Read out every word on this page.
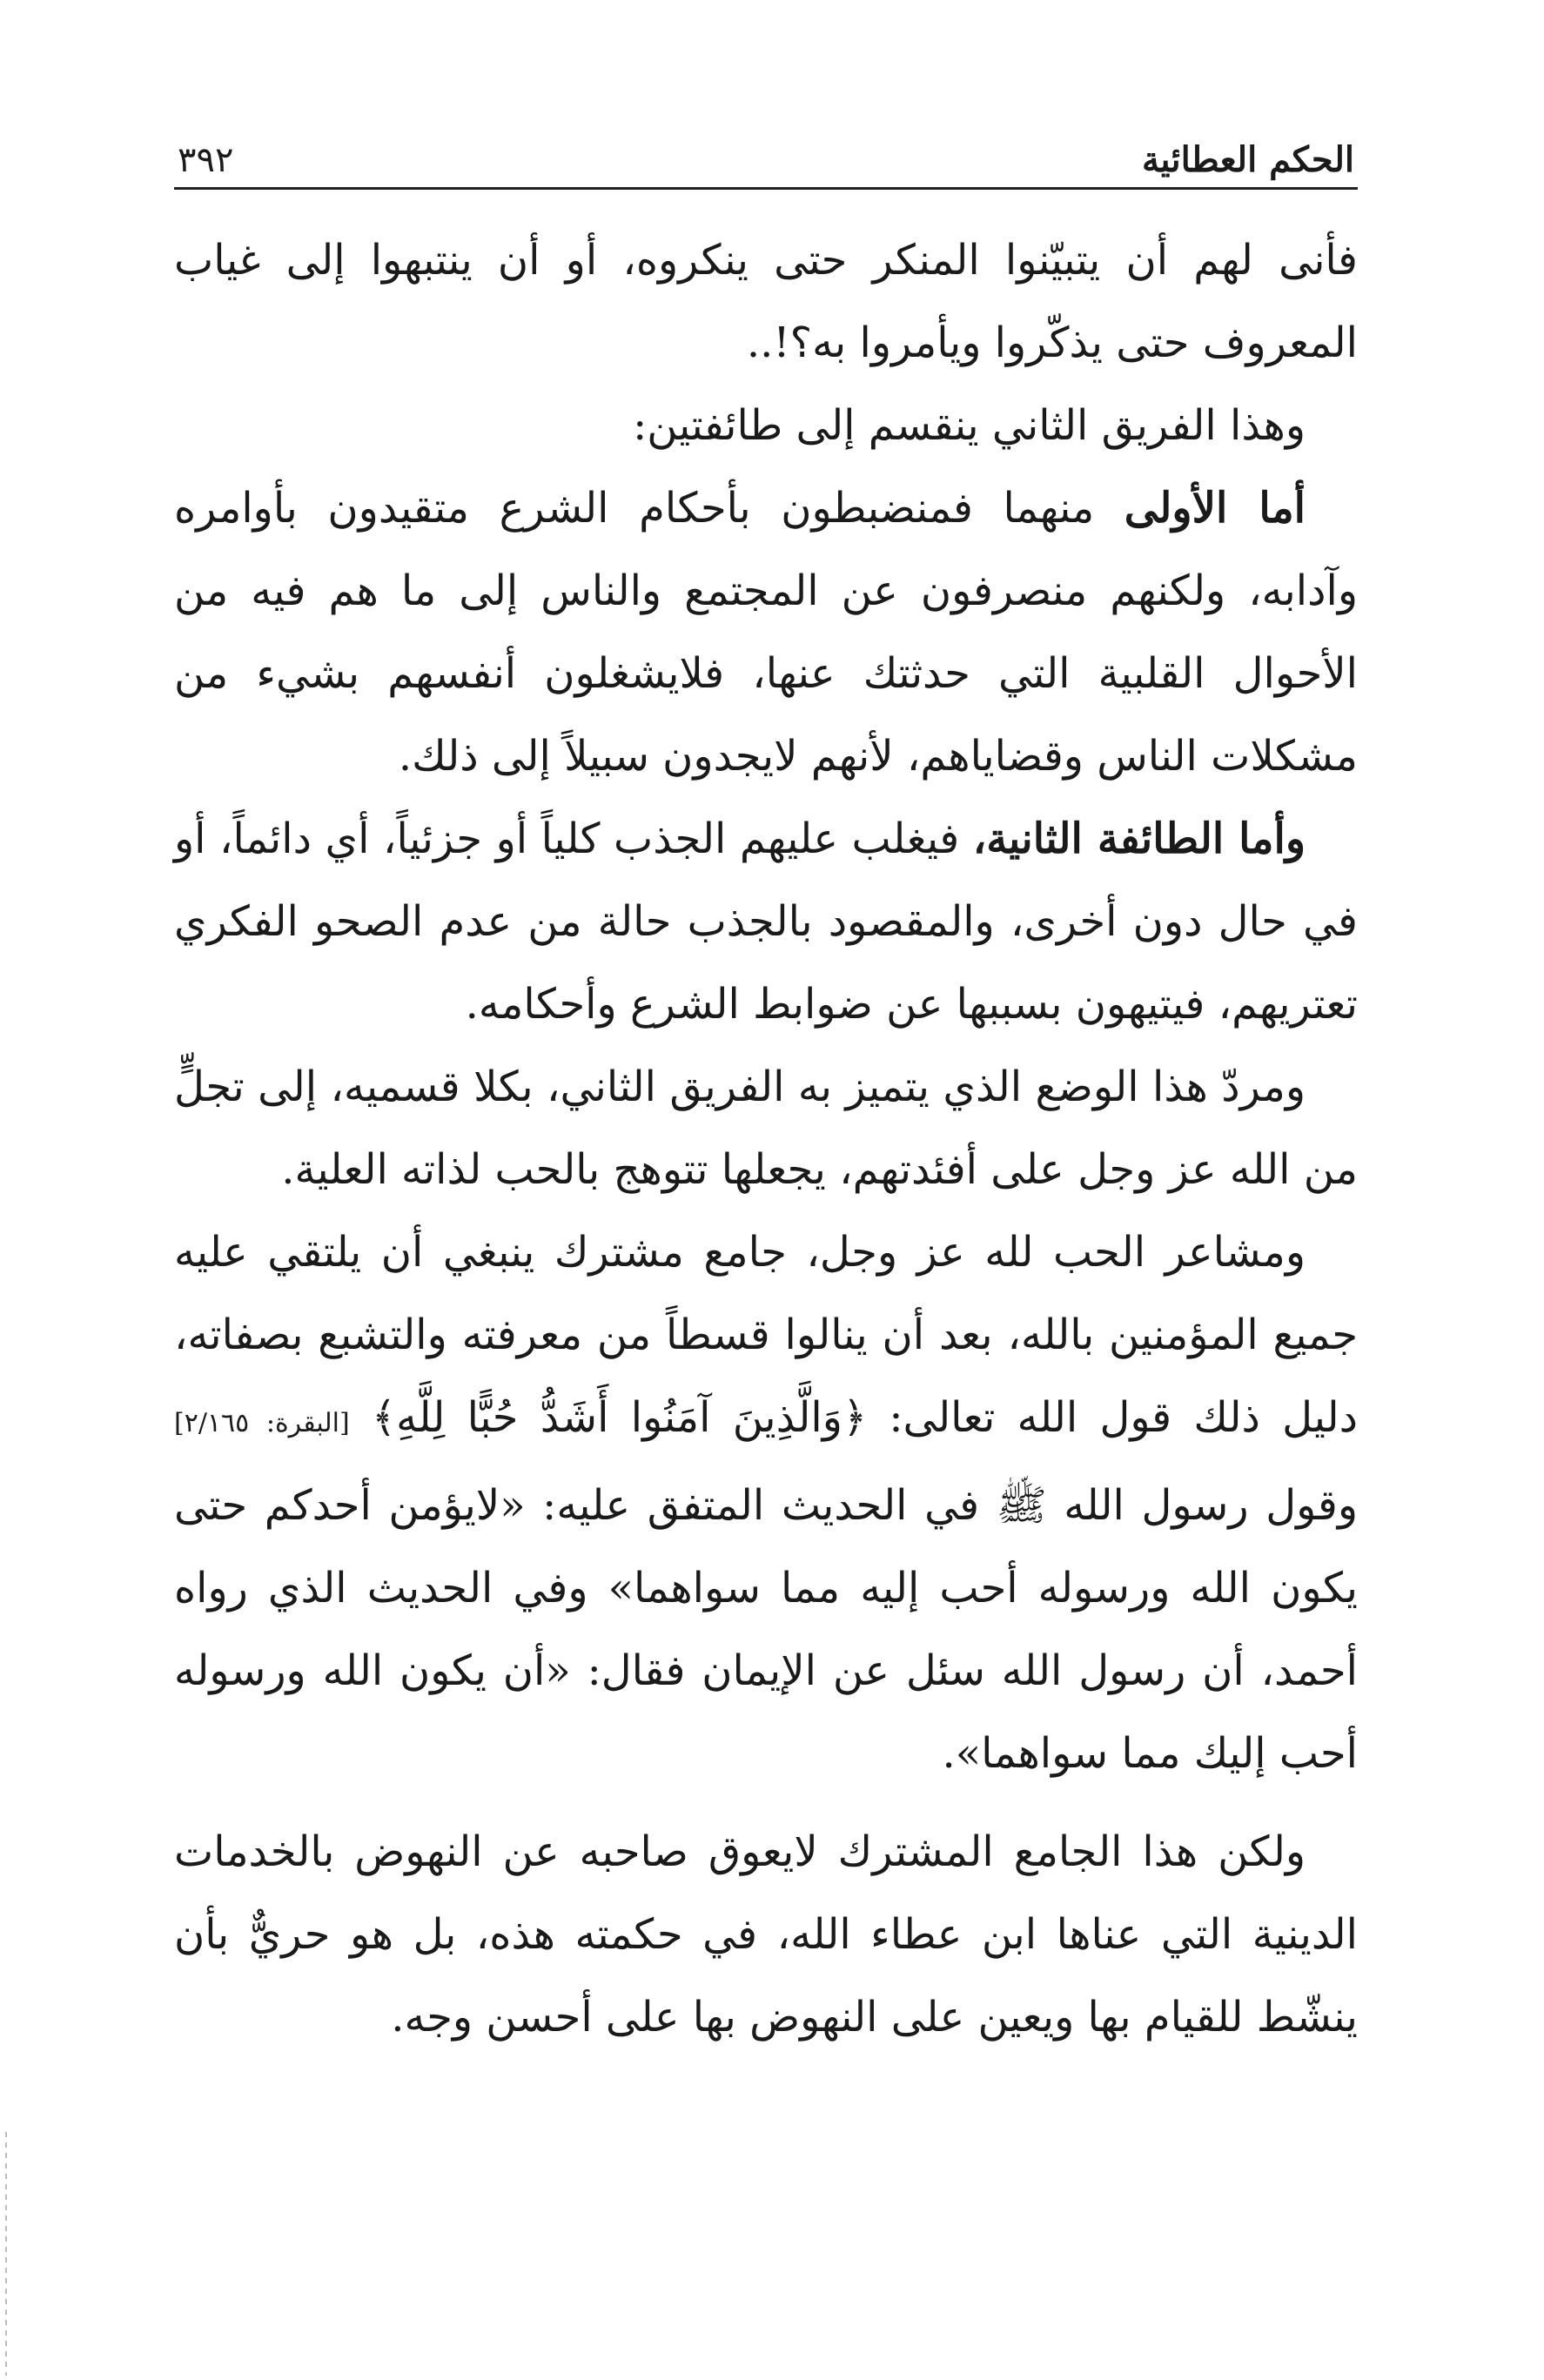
الحكم العطائية
٣٩٢

فأنى لهم أن يتبيّنوا المنكر حتى ينكروه، أو أن ينتبهوا إلى غياب المعروف حتى يذكّروا ويأمروا به؟!..

وهذا الفريق الثاني ينقسم إلى طائفتين:

أما الأولى منهما فمنضبطون بأحكام الشرع متقيدون بأوامره وآدابه، ولكنهم منصرفون عن المجتمع والناس إلى ما هم فيه من الأحوال القلبية التي حدثتك عنها، فلايشغلون أنفسهم بشيء من مشكلات الناس وقضاياهم، لأنهم لايجدون سبيلاً إلى ذلك.

وأما الطائفة الثانية، فيغلب عليهم الجذب كلياً أو جزئياً، أي دائماً، أو في حال دون أخرى، والمقصود بالجذب حالة من عدم الصحو الفكري تعتريهم، فيتيهون بسببها عن ضوابط الشرع وأحكامه.

ومردّ هذا الوضع الذي يتميز به الفريق الثاني، بكلا قسميه، إلى تجلٍّ من الله عز وجل على أفئدتهم، يجعلها تتوهج بالحب لذاته العلية.

ومشاعر الحب لله عز وجل، جامع مشترك ينبغي أن يلتقي عليه جميع المؤمنين بالله، بعد أن ينالوا قسطاً من معرفته والتشبع بصفاته، دليل ذلك قول الله تعالى: ﴿وَالَّذِينَ آمَنُوا أَشَدُّ حُبًّا لِلَّهِ﴾ [البقرة: ٢/١٦٥] وقول رسول الله ﷺ في الحديث المتفق عليه: «لايؤمن أحدكم حتى يكون الله ورسوله أحب إليه مما سواهما» وفي الحديث الذي رواه أحمد، أن رسول الله سئل عن الإيمان فقال: «أن يكون الله ورسوله أحب إليك مما سواهما».

ولكن هذا الجامع المشترك لايعوق صاحبه عن النهوض بالخدمات الدينية التي عناها ابن عطاء الله، في حكمته هذه، بل هو حريٌّ بأن ينشّط للقيام بها ويعين على النهوض بها على أحسن وجه.
